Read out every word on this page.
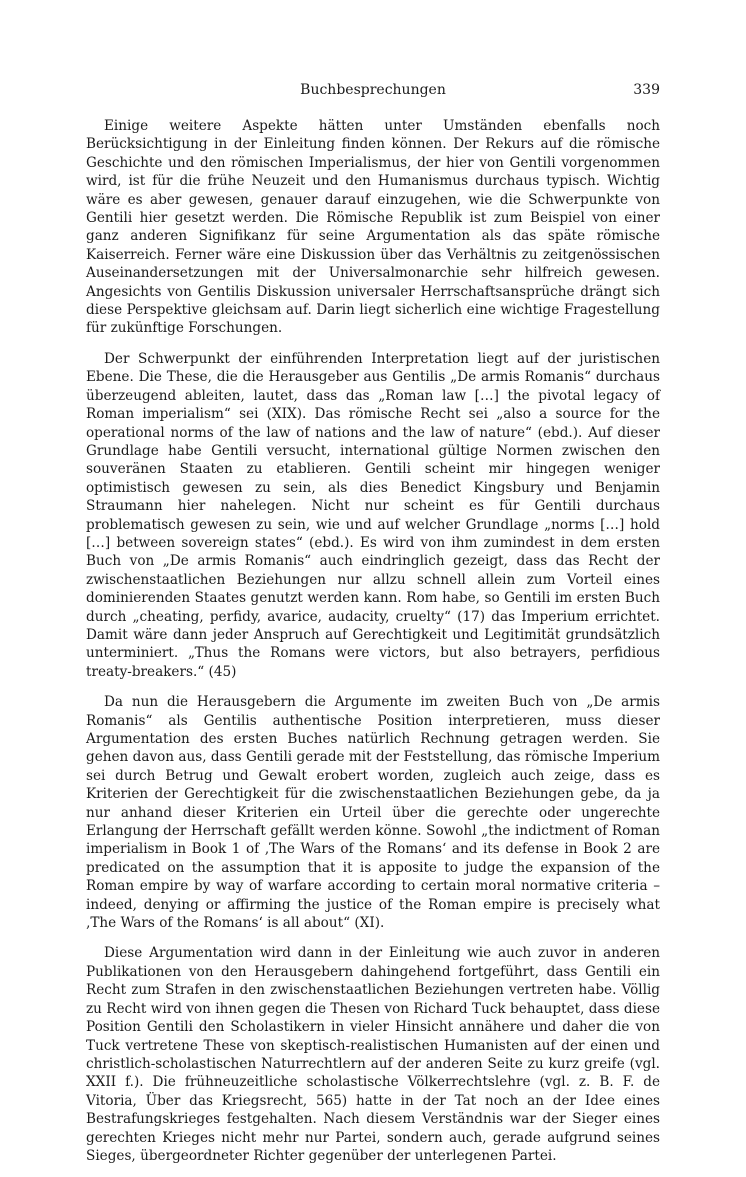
Buchbesprechungen	339

Einige weitere Aspekte hätten unter Umständen ebenfalls noch Berücksichtigung in der Einleitung finden können. Der Rekurs auf die römische Geschichte und den römischen Imperialismus, der hier von Gentili vorgenommen wird, ist für die frühe Neuzeit und den Humanismus durchaus typisch. Wichtig wäre es aber gewesen, genauer darauf einzugehen, wie die Schwerpunkte von Gentili hier gesetzt werden. Die Römische Republik ist zum Beispiel von einer ganz anderen Signifikanz für seine Argumentation als das späte römische Kaiserreich. Ferner wäre eine Diskussion über das Verhältnis zu zeitgenössischen Auseinandersetzungen mit der Universalmonarchie sehr hilfreich gewesen. Angesichts von Gentilis Diskussion universaler Herrschaftsansprüche drängt sich diese Perspektive gleichsam auf. Darin liegt sicherlich eine wichtige Fragestellung für zukünftige Forschungen.

Der Schwerpunkt der einführenden Interpretation liegt auf der juristischen Ebene. Die These, die die Herausgeber aus Gentilis „De armis Romanis“ durchaus überzeugend ableiten, lautet, dass das „Roman law […] the pivotal legacy of Roman imperialism“ sei (XIX). Das römische Recht sei „also a source for the operational norms of the law of nations and the law of nature“ (ebd.). Auf dieser Grundlage habe Gentili versucht, international gültige Normen zwischen den souveränen Staaten zu etablieren. Gentili scheint mir hingegen weniger optimistisch gewesen zu sein, als dies Benedict Kingsbury und Benjamin Straumann hier nahelegen. Nicht nur scheint es für Gentili durchaus problematisch gewesen zu sein, wie und auf welcher Grundlage „norms […] hold […] between sovereign states“ (ebd.). Es wird von ihm zumindest in dem ersten Buch von „De armis Romanis“ auch eindringlich gezeigt, dass das Recht der zwischenstaatlichen Beziehungen nur allzu schnell allein zum Vorteil eines dominierenden Staates genutzt werden kann. Rom habe, so Gentili im ersten Buch durch „cheating, perfidy, avarice, audacity, cruelty“ (17) das Imperium errichtet. Damit wäre dann jeder Anspruch auf Gerechtigkeit und Legitimität grundsätzlich unterminiert. „Thus the Romans were victors, but also betrayers, perfidious treaty-breakers.“ (45)

Da nun die Herausgebern die Argumente im zweiten Buch von „De armis Romanis“ als Gentilis authentische Position interpretieren, muss dieser Argumentation des ersten Buches natürlich Rechnung getragen werden. Sie gehen davon aus, dass Gentili gerade mit der Feststellung, das römische Imperium sei durch Betrug und Gewalt erobert worden, zugleich auch zeige, dass es Kriterien der Gerechtigkeit für die zwischenstaatlichen Beziehungen gebe, da ja nur anhand dieser Kriterien ein Urteil über die gerechte oder ungerechte Erlangung der Herrschaft gefällt werden könne. Sowohl „the indictment of Roman imperialism in Book 1 of ‚The Wars of the Romans‘ and its defense in Book 2 are predicated on the assumption that it is apposite to judge the expansion of the Roman empire by way of warfare according to certain moral normative criteria – indeed, denying or affirming the justice of the Roman empire is precisely what ‚The Wars of the Romans‘ is all about“ (XI).

Diese Argumentation wird dann in der Einleitung wie auch zuvor in anderen Publikationen von den Herausgebern dahingehend fortgeführt, dass Gentili ein Recht zum Strafen in den zwischenstaatlichen Beziehungen vertreten habe. Völlig zu Recht wird von ihnen gegen die Thesen von Richard Tuck behauptet, dass diese Position Gentili den Scholastikern in vieler Hinsicht annähere und daher die von Tuck vertretene These von skeptisch-realistischen Humanisten auf der einen und christlich-scholastischen Naturrechtlern auf der anderen Seite zu kurz greife (vgl. XXII f.). Die frühneuzeitliche scholastische Völkerrechtslehre (vgl. z. B. F. de Vitoria, Über das Kriegsrecht, 565) hatte in der Tat noch an der Idee eines Bestrafungskrieges festgehalten. Nach diesem Verständnis war der Sieger eines gerechten Krieges nicht mehr nur Partei, sondern auch, gerade aufgrund seines Sieges, übergeordneter Richter gegenüber der unterlegenen Partei.
